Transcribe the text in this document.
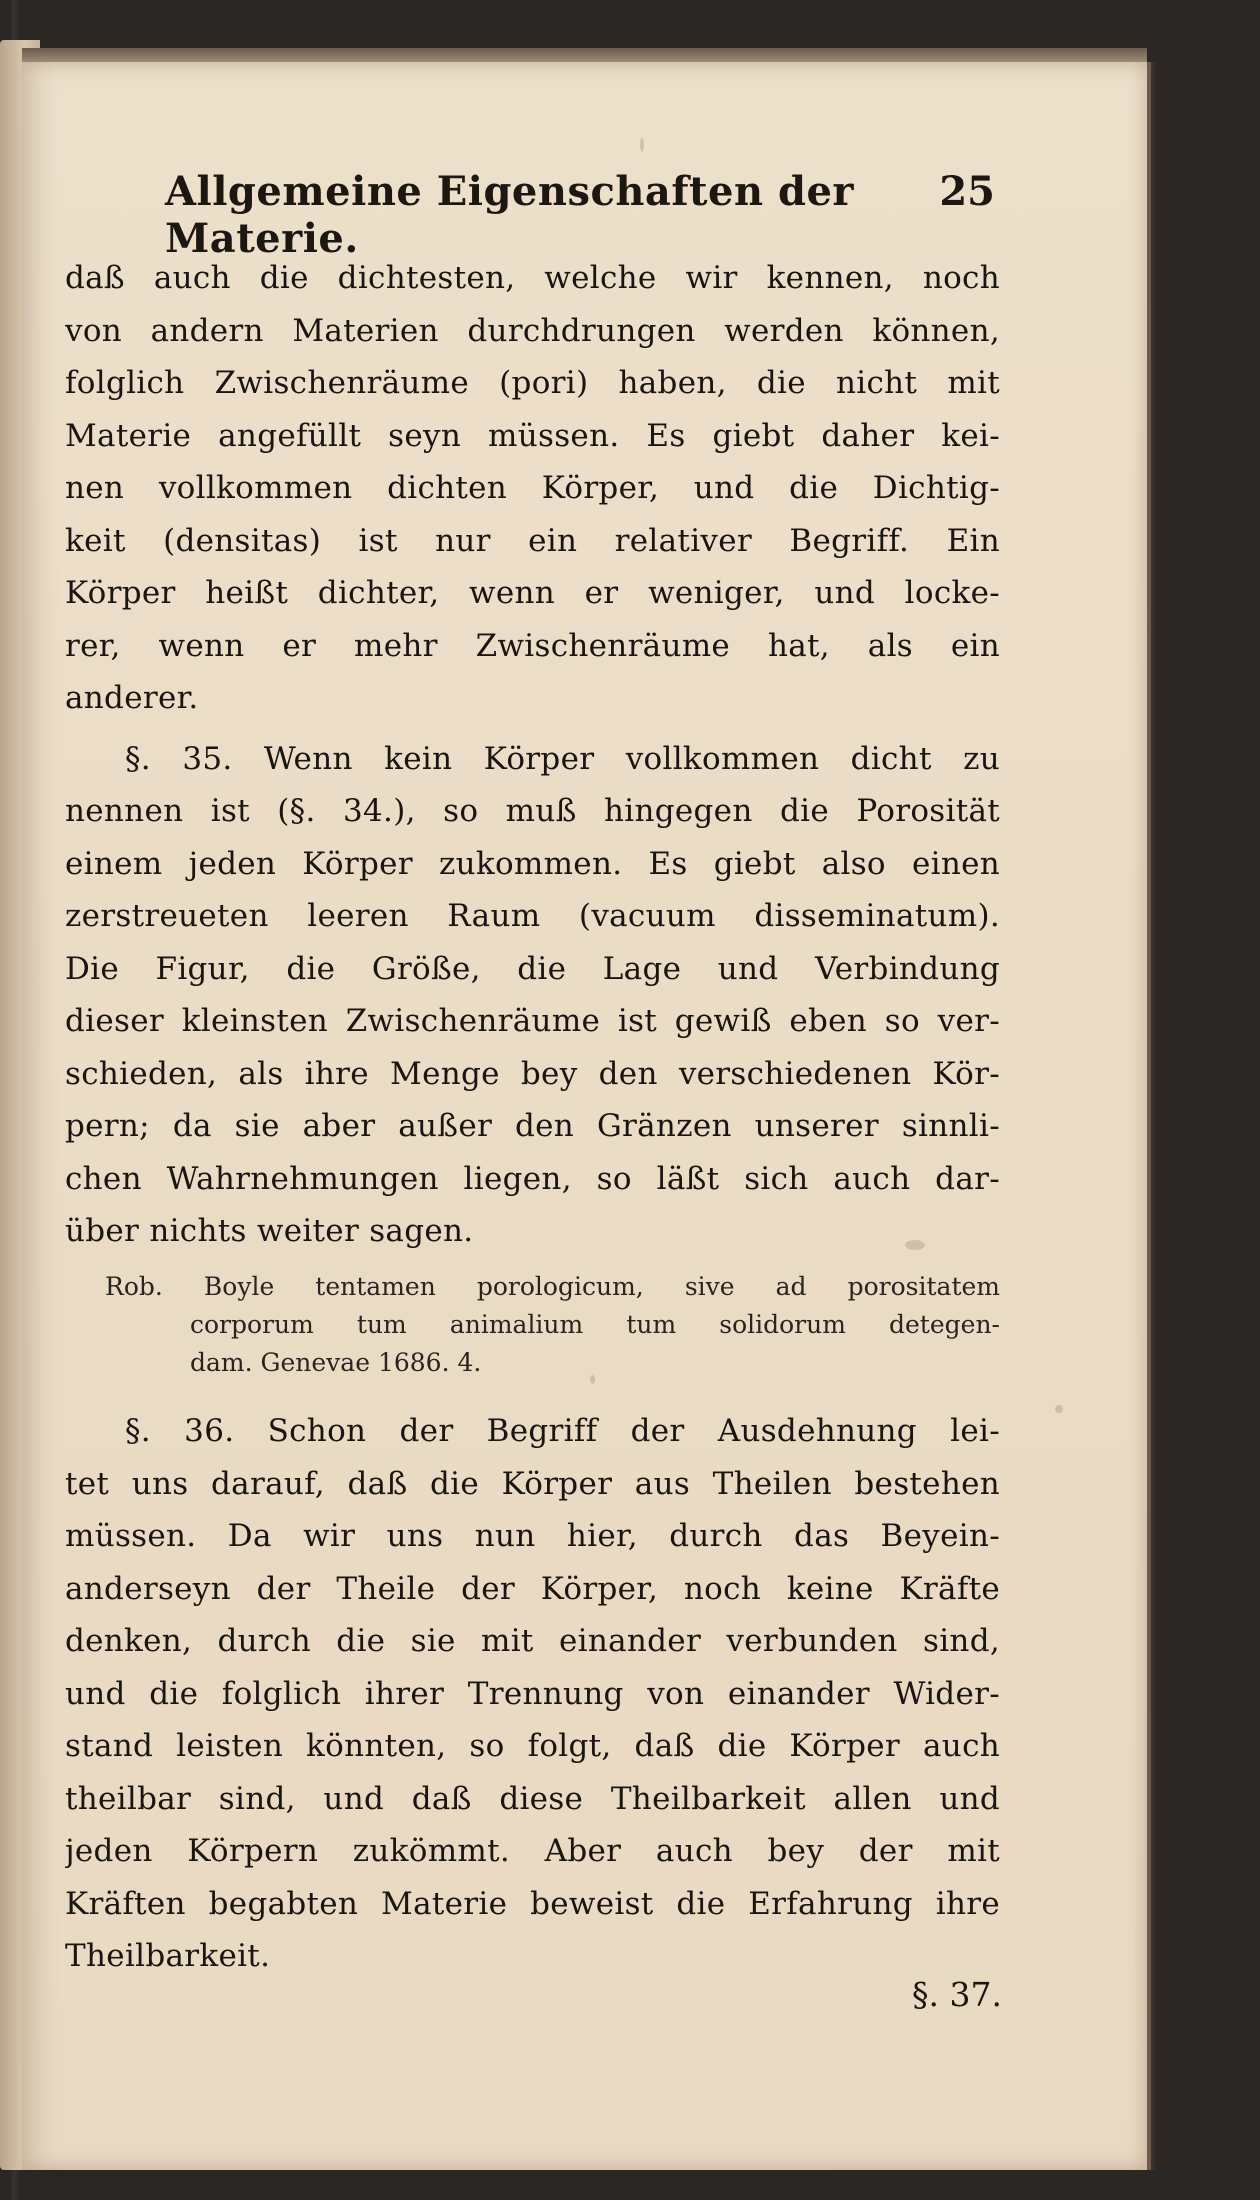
Allgemeine Eigenschaften der Materie.
25
daß auch die dichtesten, welche wir kennen, noch
von andern Materien durchdrungen werden können,
folglich Zwischenräume (pori) haben, die nicht mit
Materie angefüllt seyn müssen. Es giebt daher kei-
nen vollkommen dichten Körper, und die Dichtig-
keit (densitas) ist nur ein relativer Begriff. Ein
Körper heißt dichter, wenn er weniger, und locke-
rer, wenn er mehr Zwischenräume hat, als ein
anderer.
§. 35. Wenn kein Körper vollkommen dicht zu
nennen ist (§. 34.), so muß hingegen die Porosität
einem jeden Körper zukommen. Es giebt also einen
zerstreueten leeren Raum (vacuum disseminatum).
Die Figur, die Größe, die Lage und Verbindung
dieser kleinsten Zwischenräume ist gewiß eben so ver-
schieden, als ihre Menge bey den verschiedenen Kör-
pern; da sie aber außer den Gränzen unserer sinnli-
chen Wahrnehmungen liegen, so läßt sich auch dar-
über nichts weiter sagen.
Rob. Boyle tentamen porologicum, sive ad porositatem
corporum tum animalium tum solidorum detegen-
dam. Genevae 1686. 4.
§. 36. Schon der Begriff der Ausdehnung lei-
tet uns darauf, daß die Körper aus Theilen bestehen
müssen. Da wir uns nun hier, durch das Beyein-
anderseyn der Theile der Körper, noch keine Kräfte
denken, durch die sie mit einander verbunden sind,
und die folglich ihrer Trennung von einander Wider-
stand leisten könnten, so folgt, daß die Körper auch
theilbar sind, und daß diese Theilbarkeit allen und
jeden Körpern zukömmt. Aber auch bey der mit
Kräften begabten Materie beweist die Erfahrung ihre
Theilbarkeit.
§. 37.
